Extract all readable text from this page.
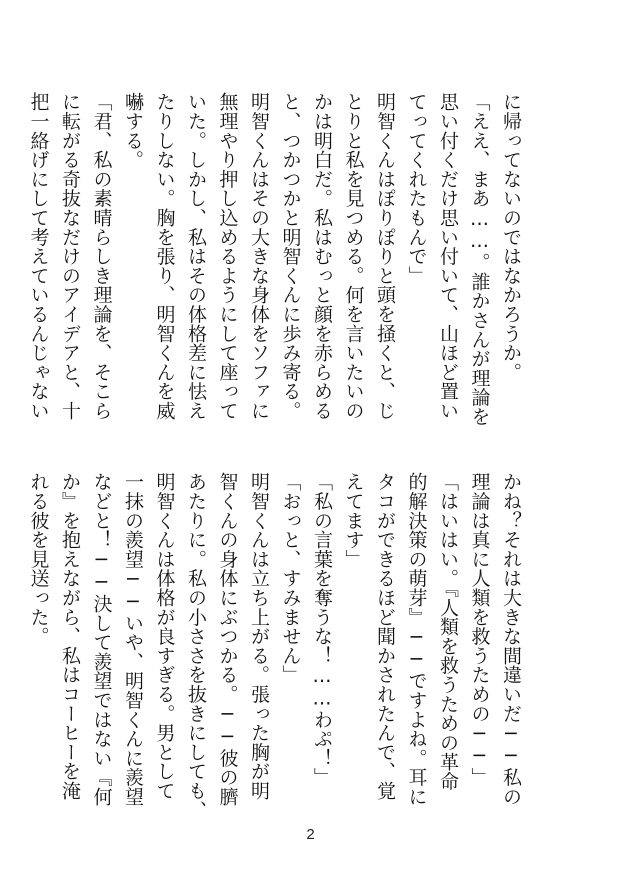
に帰ってないのではなかろうか。
「ええ、まあ……。誰かさんが理論を
思い付くだけ思い付いて、山ほど置い
てってくれたもんで」
明智くんはぽりぽりと頭を掻くと、じ
とりと私を見つめる。何を言いたいの
かは明白だ。私はむっと顔を赤らめる
と、つかつかと明智くんに歩み寄る。
明智くんはその大きな身体をソファに
無理やり押し込めるようにして座って
いた。しかし、私はその体格差に怯え
たりしない。胸を張り、明智くんを威
嚇する。
「君、私の素晴らしき理論を、そこら
に転がる奇抜なだけのアイデアと、十
把一絡げにして考えているんじゃない
かね？それは大きな間違いだ──私の
理論は真に人類を救うための──」
「はいはい。『人類を救うための革命
的解決策の萌芽』──ですよね。耳に
タコができるほど聞かされたんで、覚
えてます」
「私の言葉を奪うな！……わぷ！」
「おっと、すみません」
明智くんは立ち上がる。張った胸が明
智くんの身体にぶつかる。──彼の臍
あたりに。私の小ささを抜きにしても、
明智くんは体格が良すぎる。男として
一抹の羨望──いや、明智くんに羨望
などと！──決して羨望ではない『何
か』を抱えながら、私はコーヒーを淹
れる彼を見送った。
2
